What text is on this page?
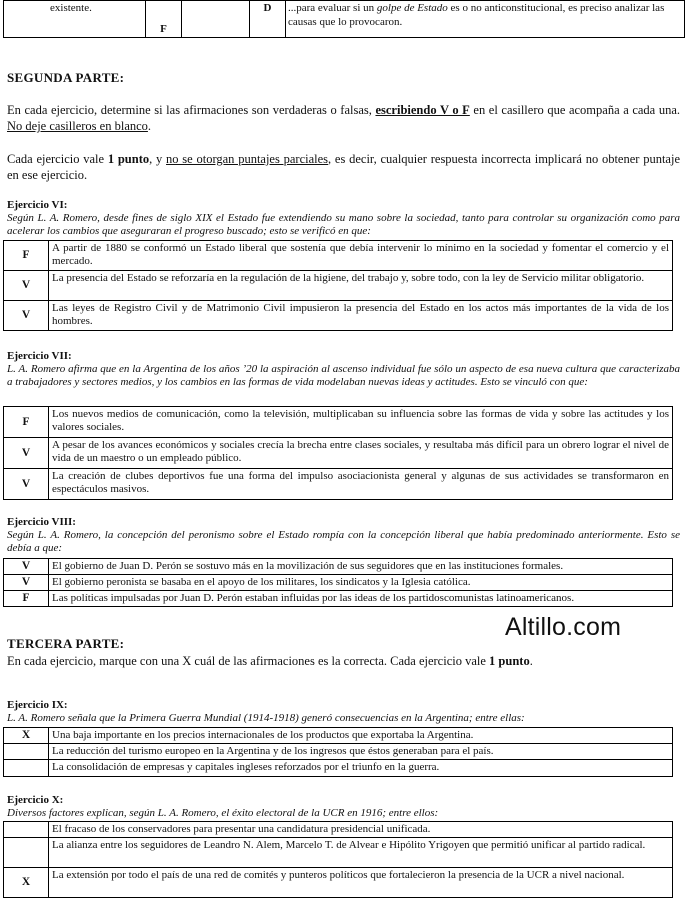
existente.	F		D	...para evaluar si un golpe de Estado es o no anticonstitucional, es preciso analizar las causas que lo provocaron.
SEGUNDA PARTE:
En cada ejercicio, determine si las afirmaciones son verdaderas o falsas, escribiendo V o F en el casillero que acompaña a cada una. No deje casilleros en blanco.
Cada ejercicio vale 1 punto, y no se otorgan puntajes parciales, es decir, cualquier respuesta incorrecta implicará no obtener puntaje en ese ejercicio.
Ejercicio VI:
Según L. A. Romero, desde fines de siglo XIX el Estado fue extendiendo su mano sobre la sociedad, tanto para controlar su organización como para acelerar los cambios que aseguraran el progreso buscado; esto se verificó en que:
F	A partir de 1880 se conformó un Estado liberal que sostenía que debía intervenir lo mínimo en la sociedad y fomentar el comercio y el mercado.
V	La presencia del Estado se reforzaría en la regulación de la higiene, del trabajo y, sobre todo, con la ley de Servicio militar obligatorio.
V	Las leyes de Registro Civil y de Matrimonio Civil impusieron la presencia del Estado en los actos más importantes de la vida de los hombres.
Ejercicio VII:
L. A. Romero afirma que en la Argentina de los años ’20 la aspiración al ascenso individual fue sólo un aspecto de esa nueva cultura que caracterizaba a trabajadores y sectores medios, y los cambios en las formas de vida modelaban nuevas ideas y actitudes. Esto se vinculó con que:
F	Los nuevos medios de comunicación, como la televisión, multiplicaban su influencia sobre las formas de vida y sobre las actitudes y los valores sociales.
V	A pesar de los avances económicos y sociales crecía la brecha entre clases sociales, y resultaba más difícil para un obrero lograr el nivel de vida de un maestro o un empleado público.
V	La creación de clubes deportivos fue una forma del impulso asociacionista general y algunas de sus actividades se transformaron en espectáculos masivos.
Ejercicio VIII:
Según L. A. Romero, la concepción del peronismo sobre el Estado rompía con la concepción liberal que había predominado anteriormente. Esto se debía a que:
V	El gobierno de Juan D. Perón se sostuvo más en la movilización de sus seguidores que en las instituciones formales.
V	El gobierno peronista se basaba en el apoyo de los militares, los sindicatos y la Iglesia católica.
F	Las políticas impulsadas por Juan D. Perón estaban influidas por las ideas de los partidoscomunistas latinoamericanos.
Altillo.com
TERCERA PARTE:
En cada ejercicio, marque con una X cuál de las afirmaciones es la correcta. Cada ejercicio vale 1 punto.
Ejercicio IX:
L. A. Romero señala que la Primera Guerra Mundial (1914-1918) generó consecuencias en la Argentina; entre ellas:
X	Una baja importante en los precios internacionales de los productos que exportaba la Argentina.
	La reducción del turismo europeo en la Argentina y de los ingresos que éstos generaban para el país.
	La consolidación de empresas y capitales ingleses reforzados por el triunfo en la guerra.
Ejercicio X:
Diversos factores explican, según L. A. Romero, el éxito electoral de la UCR en 1916; entre ellos:
	El fracaso de los conservadores para presentar una candidatura presidencial unificada.
	La alianza entre los seguidores de Leandro N. Alem, Marcelo T. de Alvear e Hipólito Yrigoyen que permitió unificar al partido radical.
X	La extensión por todo el país de una red de comités y punteros políticos que fortalecieron la presencia de la UCR a nivel nacional.
